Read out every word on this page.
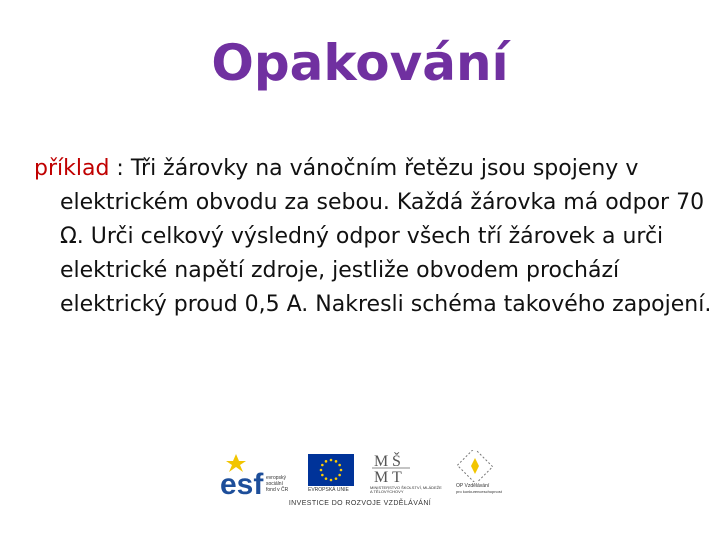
Opakování

příklad : Tři žárovky na vánočním řetězu jsou spojeny v elektrickém obvodu za sebou. Každá žárovka má odpor 70 Ω. Urči celkový výsledný odpor všech tří žárovek a urči elektrické napětí zdroje, jestliže obvodem prochází elektrický proud 0,5 A. Nakresli schéma takového zapojení.

esf evropský
sociální
fond v ČR	EVROPSKÁ UNIE
M Š
M T
MINISTERSTVO ŠKOLSTVÍ, MLÁDEŽE A TĚLOVÝCHOVY
OP Vzdělávání
pro konkurenceschopnost
INVESTICE DO ROZVOJE VZDĚLÁVÁNÍ
